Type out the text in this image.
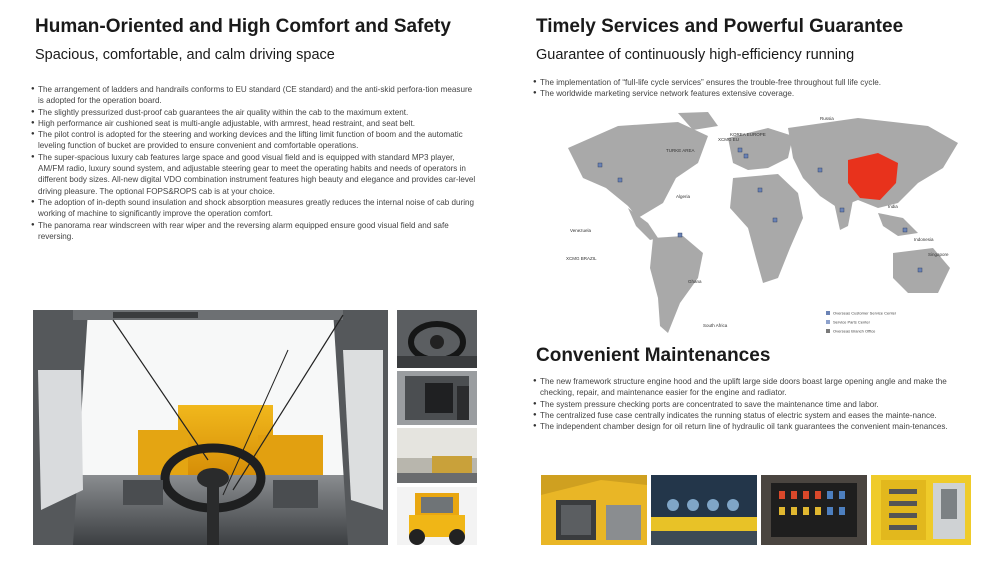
Human-Oriented and High Comfort and Safety
Spacious, comfortable, and calm driving space
● The arrangement of ladders and handrails conforms to EU standard (CE standard) and the anti-skid perfora-tion measure is adopted for the operation board.
● The slightly pressurized dust-proof cab guarantees the air quality within the cab to the maximum extent.
● High performance air cushioned seat is multi-angle adjustable, with armrest, head restraint, and seat belt.
● The pilot control is adopted for the steering and working devices and the lifting limit function of boom and the automatic leveling function of bucket are provided to ensure convenient and comfortable operations.
● The super-spacious luxury cab features large space and good visual field and is equipped with standard MP3 player, AM/FM radio, luxury sound system, and adjustable steering gear to meet the operating habits and needs of operators in different body sizes. All-new digital VDO combination instrument features high beauty and elegance and provides car-level driving pleasure. The optional FOPS&ROPS cab is at your choice.
● The adoption of in-depth sound insulation and shock absorption measures greatly reduces the internal noise of cab during working of machine to significantly improve the operation comfort.
● The panorama rear windscreen with rear wiper and the reversing alarm equipped ensure good visual field and safe reversing.
Timely Services and Powerful Guarantee
Guarantee of continuously high-efficiency running
● The implementation of “full-life cycle services” ensures the trouble-free throughout full life cycle.
● The worldwide marketing service network features extensive coverage.
Convenient Maintenances
● The new framework structure engine hood and the uplift large side doors boast large opening angle and make the checking, repair, and maintenance easier for the engine and radiator.
● The system pressure checking ports are concentrated to save the maintenance time and labor.
● The centralized fuse case centrally indicates the running status of electric system and eases the mainte-nance.
● The independent chamber design for oil return line of hydraulic oil tank guarantees the convenient main-tenances.
Russia
KOREA EUROPE
XCMG EU
TURKE AREA
Algeria
India
Indonesia
Singapore
Venezuela
XCMG BRAZIL
Ghana
South Africa
Overseas Customer Service Center
Service Parts Center
Overseas Branch Office
